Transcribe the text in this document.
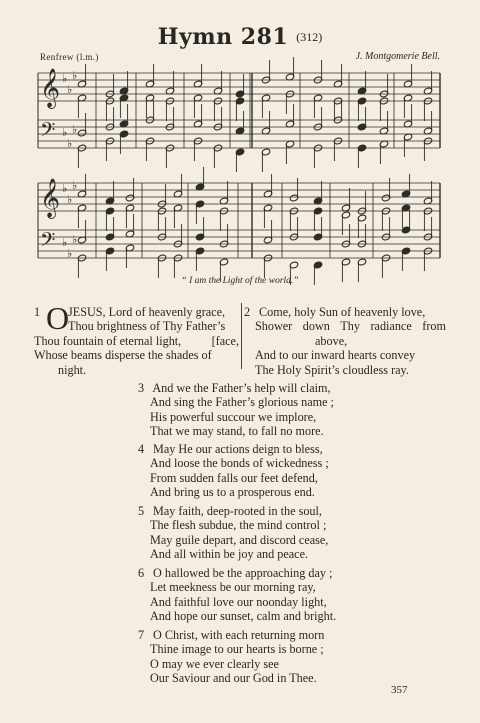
Hymn 281 (312)
Renfrew (l.m.)	J. Montgomerie Bell.
𝄞 ♭
♭
♭
𝄢 ♭
♭
♭
𝄞 ♭
♭
♭
𝄢 ♭
♭
♭
“ I am the Light of the world.”
1 O
JESUS, Lord of heavenly grace,
Thou brightness of Thy Father’s
Thou fountain of eternal light, [face,
Whose beams disperse the shades of
night.
2 Come, holy Sun of heavenly love,
Shower down Thy radiance from
above,
And to our inward hearts convey
The Holy Spirit’s cloudless ray.
3 And we the Father’s help will claim,
And sing the Father’s glorious name ;
His powerful succour we implore,
That we may stand, to fall no more.
4 May He our actions deign to bless,
And loose the bonds of wickedness ;
From sudden falls our feet defend,
And bring us to a prosperous end.
5 May faith, deep-rooted in the soul,
The flesh subdue, the mind control ;
May guile depart, and discord cease,
And all within be joy and peace.
6 O hallowed be the approaching day ;
Let meekness be our morning ray,
And faithful love our noonday light,
And hope our sunset, calm and bright.
7 O Christ, with each returning morn
Thine image to our hearts is borne ;
O may we ever clearly see
Our Saviour and our God in Thee.
357
